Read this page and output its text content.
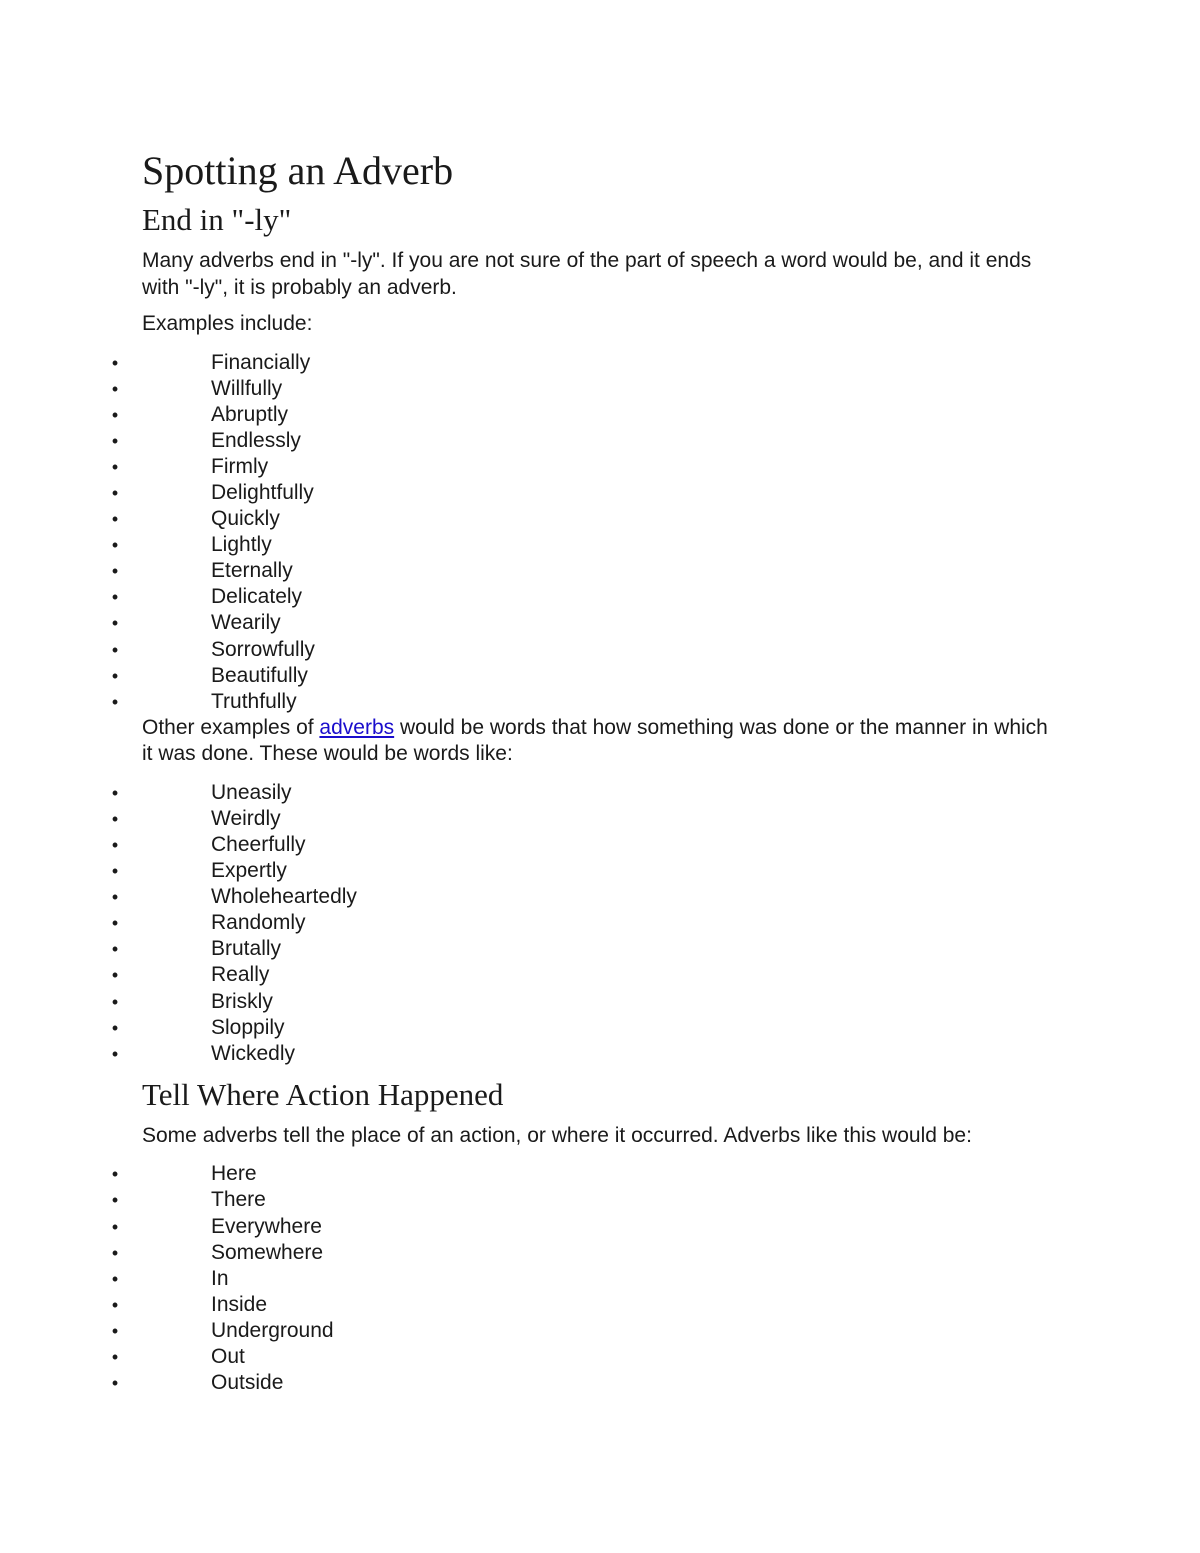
Spotting an Adverb
End in "-ly"

Many adverbs end in "-ly". If you are not sure of the part of speech a word would be, and it ends with "-ly", it is probably an adverb.

Examples include:

•	Financially
•	Willfully
•	Abruptly
•	Endlessly
•	Firmly
•	Delightfully
•	Quickly
•	Lightly
•	Eternally
•	Delicately
•	Wearily
•	Sorrowfully
•	Beautifully
•	Truthfully

Other examples of adverbs would be words that how something was done or the manner in which it was done. These would be words like:

•	Uneasily
•	Weirdly
•	Cheerfully
•	Expertly
•	Wholeheartedly
•	Randomly
•	Brutally
•	Really
•	Briskly
•	Sloppily
•	Wickedly
Tell Where Action Happened

Some adverbs tell the place of an action, or where it occurred. Adverbs like this would be:

•	Here
•	There
•	Everywhere
•	Somewhere
•	In
•	Inside
•	Underground
•	Out
•	Outside
